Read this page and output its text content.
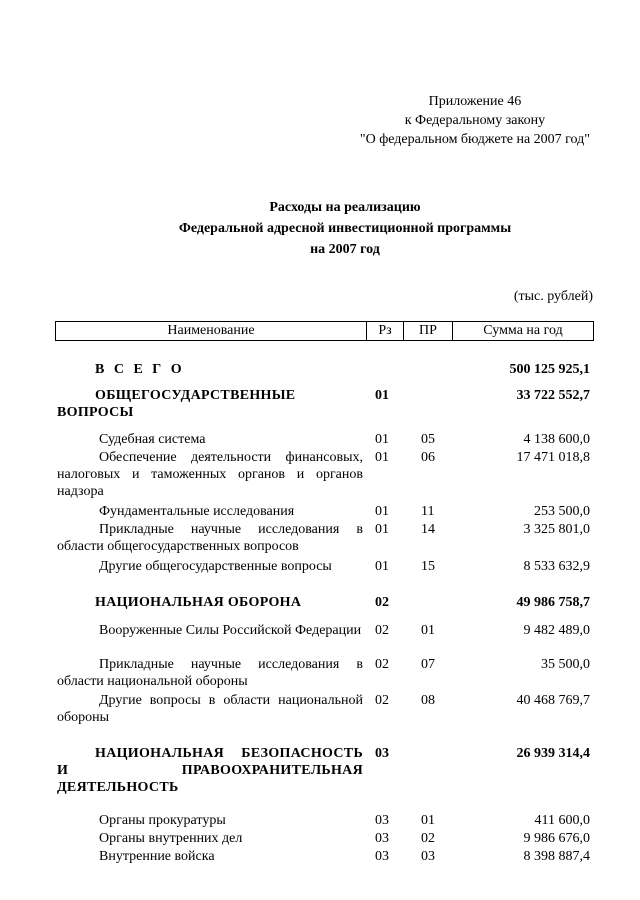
Приложение 46
к Федеральному закону
"О федеральном бюджете на 2007 год"
Расходы на реализацию
Федеральной адресной инвестиционной программы
на 2007 год
(тыс. рублей)
Наименование	Рз	ПР	Сумма на год
В С Е Г О	500 125 925,1
ОБЩЕГОСУДАРСТВЕННЫЕ ВОПРОСЫ
01	33 722 552,7
Судебная система	01 05	4 138 600,0
Обеспечение деятельности финансовых, налоговых и таможенных органов и органов надзора
01 06	17 471 018,8
Фундаментальные исследования	01 11	253 500,0
Прикладные научные исследования в области общегосударственных вопросов
01 14	3 325 801,0
Другие общегосударственные вопросы	01 15	8 533 632,9
НАЦИОНАЛЬНАЯ ОБОРОНА	02	49 986 758,7
Вооруженные Силы Российской Федерации 02 01	9 482 489,0
Прикладные научные исследования в области национальной обороны
02 07	35 500,0
Другие вопросы в области национальной обороны
02 08	40 468 769,7
НАЦИОНАЛЬНАЯ БЕЗОПАСНОСТЬ И ПРАВООХРАНИТЕЛЬНАЯ ДЕЯТЕЛЬНОСТЬ
03	26 939 314,4
Органы прокуратуры	03 01	411 600,0
Органы внутренних дел	03 02	9 986 676,0
Внутренние войска	03 03	8 398 887,4
